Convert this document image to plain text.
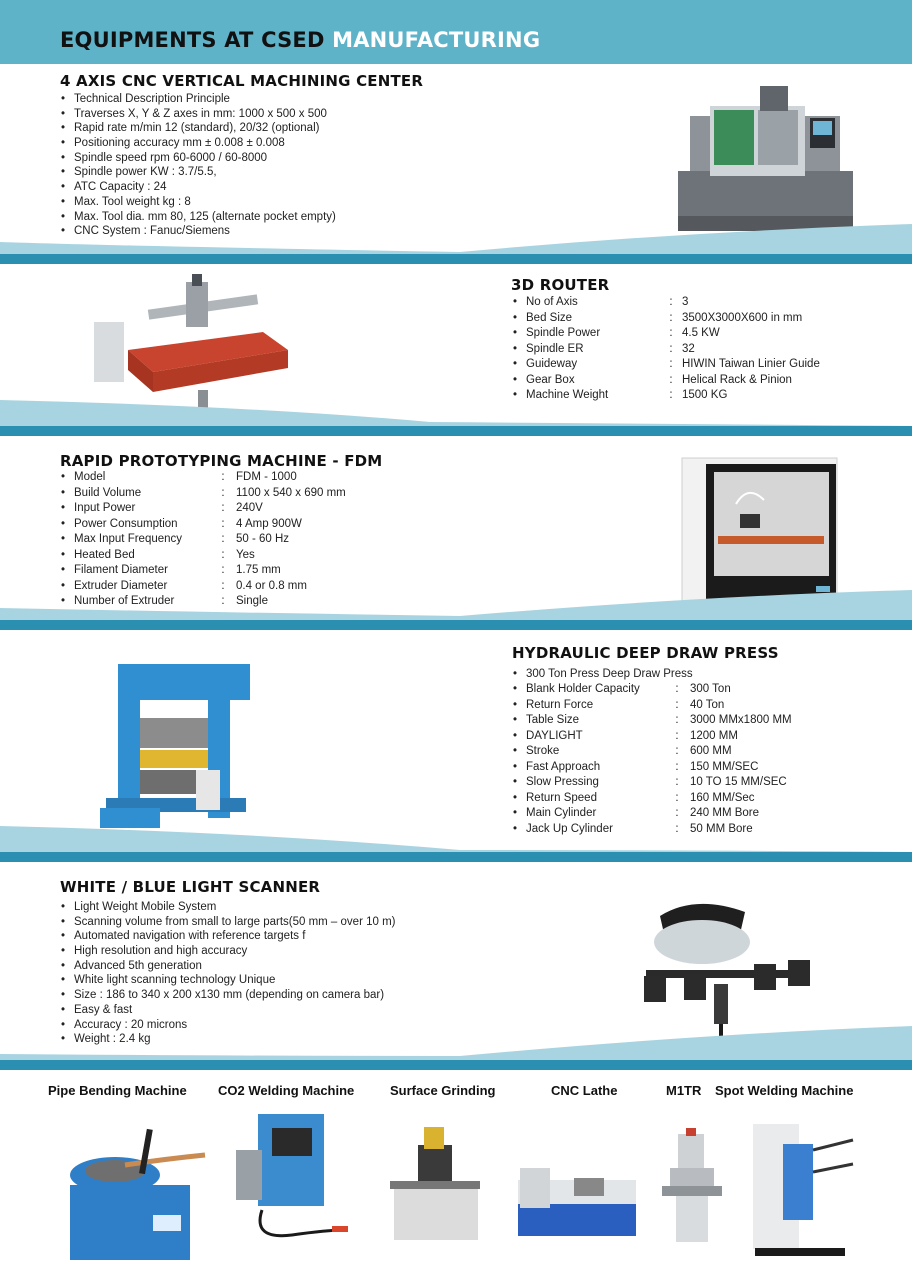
EQUIPMENTS AT CSED MANUFACTURING
4 AXIS CNC VERTICAL MACHINING CENTER
• Technical Description Principle
• Traverses X, Y & Z axes in mm: 1000 x 500 x 500
• Rapid rate m/min 12 (standard), 20/32 (optional)
• Positioning accuracy mm ± 0.008 ± 0.008
• Spindle speed rpm 60-6000 / 60-8000
• Spindle power KW : 3.7/5.5,
• ATC Capacity : 24
• Max. Tool weight kg : 8
• Max. Tool dia. mm 80, 125 (alternate pocket empty)
• CNC System : Fanuc/Siemens
3D ROUTER
• No of Axis	:	3
• Bed Size	:	3500X3000X600 in mm
• Spindle Power	:	4.5 KW
• Spindle ER	:	32
• Guideway	:	HIWIN Taiwan Linier Guide
• Gear Box	:	Helical Rack & Pinion
• Machine Weight	:	1500 KG
RAPID PROTOTYPING MACHINE - FDM
• Model	:	FDM - 1000
• Build Volume	:	1100 x 540 x 690 mm
• Input Power	:	240V
• Power Consumption	:	4 Amp 900W
• Max Input Frequency	:	50 - 60 Hz
• Heated Bed	:	Yes
• Filament Diameter	:	1.75 mm
• Extruder Diameter	:	0.4 or 0.8 mm
• Number of Extruder	:	Single
HYDRAULIC DEEP DRAW PRESS
• 300 Ton Press Deep Draw Press
• Blank Holder Capacity	:	300 Ton
• Return Force	:	40 Ton
• Table Size	:	3000 MMx1800 MM
• DAYLIGHT	:	1200 MM
• Stroke	:	600 MM
• Fast Approach	:	150 MM/SEC
• Slow Pressing	:	10 TO 15 MM/SEC
• Return Speed	:	160 MM/Sec
• Main Cylinder	:	240 MM Bore
• Jack Up Cylinder	:	50 MM Bore
WHITE / BLUE LIGHT SCANNER
• Light Weight Mobile System
• Scanning volume from small to large parts(50 mm – over 10 m)
• Automated navigation with reference targets f
• High resolution and high accuracy
• Advanced 5th generation
• White light scanning technology Unique
• Size : 186 to 340 x 200 x130 mm (depending on camera bar)
• Easy & fast
• Accuracy : 20 microns
• Weight : 2.4 kg
Pipe Bending Machine CO2 Welding Machine	Surface Grinding	CNC Lathe	M1TR Spot Welding Machine
